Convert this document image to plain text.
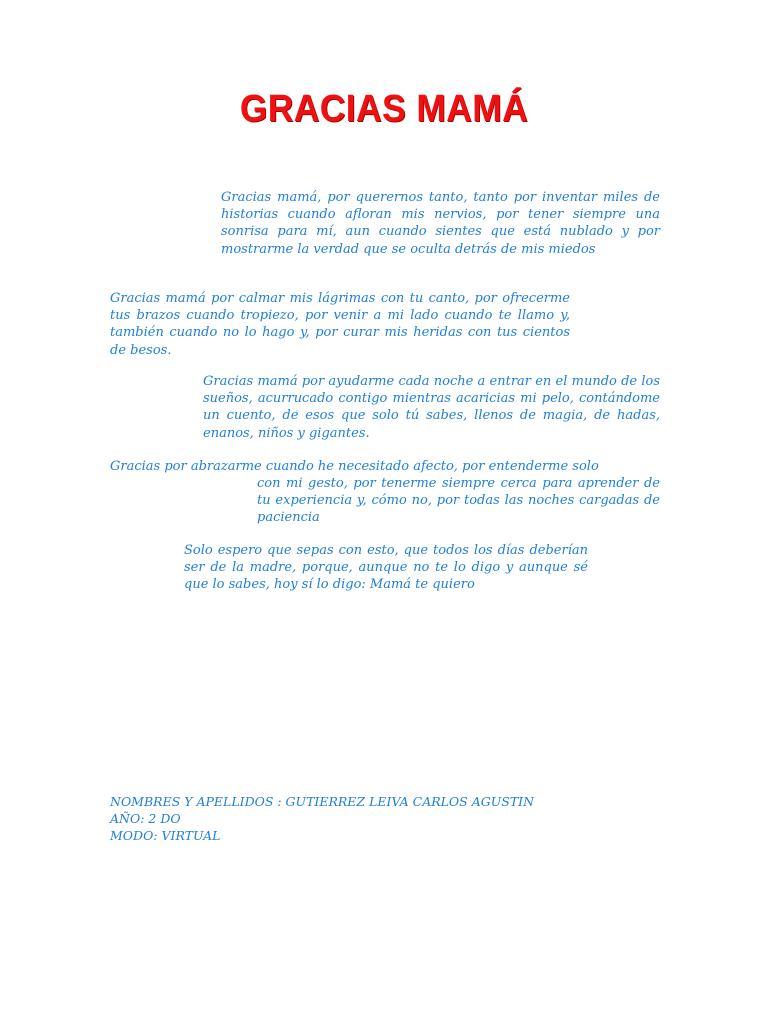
GRACIAS MAMÁ

Gracias mamá, por querernos tanto, tanto por inventar miles de historias cuando afloran mis nervios, por tener siempre una sonrisa para mí, aun cuando sientes que está nublado y por mostrarme la verdad que se oculta detrás de mis miedos

Gracias mamá por calmar mis lágrimas con tu canto, por ofrecerme tus brazos cuando tropiezo, por venir a mi lado cuando te llamo y, también cuando no lo hago y, por curar mis heridas con tus cientos de besos.

Gracias mamá por ayudarme cada noche a entrar en el mundo de los sueños, acurrucado contigo mientras acaricias mi pelo, contándome un cuento, de esos que solo tú sabes, llenos de magia, de hadas, enanos, niños y gigantes.

Gracias por abrazarme cuando he necesitado afecto, por entenderme solo

con mi gesto, por tenerme siempre cerca para aprender de tu experiencia y, cómo no, por todas las noches cargadas de paciencia

Solo espero que sepas con esto, que todos los días deberían ser de la madre, porque, aunque no te lo digo y aunque sé que lo sabes, hoy sí lo digo: Mamá te quiero

NOMBRES Y APELLIDOS : GUTIERREZ LEIVA CARLOS AGUSTIN
AÑO: 2 DO
MODO: VIRTUAL
